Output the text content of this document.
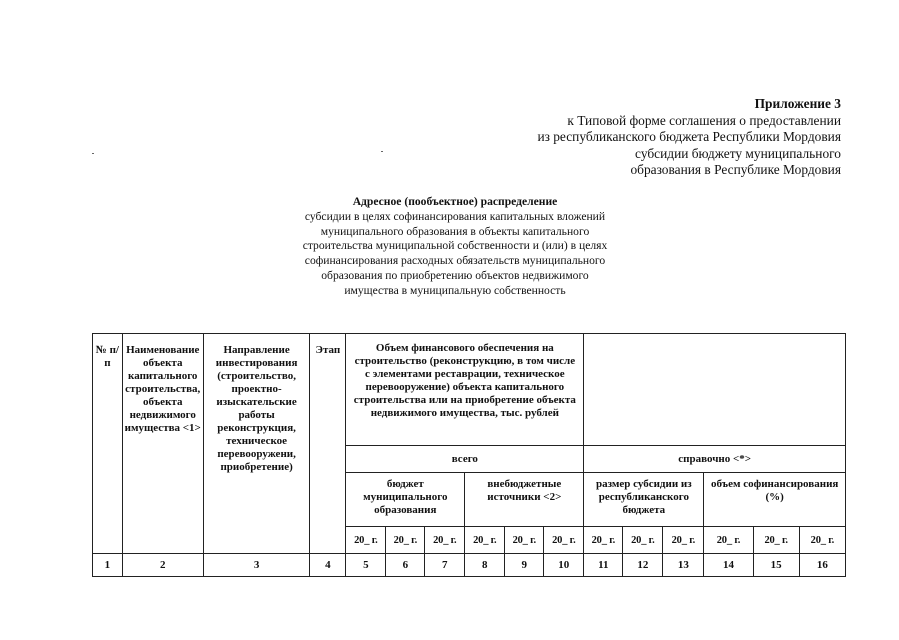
Приложение 3
к Типовой форме соглашения о предоставлении
из республиканского бюджета Республики Мордовия
субсидии бюджету муниципального
образования в Республике Мордовия
Адресное (пообъектное) распределение
субсидии в целях софинансирования капитальных вложений
муниципального образования в объекты капитального
строительства муниципальной собственности и (или) в целях
софинансирования расходных обязательств муниципального
образования по приобретению объектов недвижимого
имущества в муниципальную собственность
№ п/п	Наименование объекта капитального строительства, объекта недвижимого имущества <1>	Направление инвестирования (строительство, проектно-изыскательские работы реконструкция, техническое перевооружени, приобретение)	Этап	Объем финансового обеспечения на строительство (реконструкцию, в том числе с элементами реставрации, техническое перевооружение) объекта капитального строительства или на приобретение объекта недвижимого имущества, тыс. рублей											
				всего						справочно <*>					
				бюджет муниципального образования			внебюджетные источники <2>			размер субсидии из республиканского бюджета			объем софинансирования (%)		
				20_ г.	20_ г.	20_ г.	20_ г.	20_ г.	20_ г.	20_ г.	20_ г.	20_ г.	20_ г.	20_ г.	20_ г.
1	2	3	4	5	6	7	8	9	10	11	12	13	14	15	16
